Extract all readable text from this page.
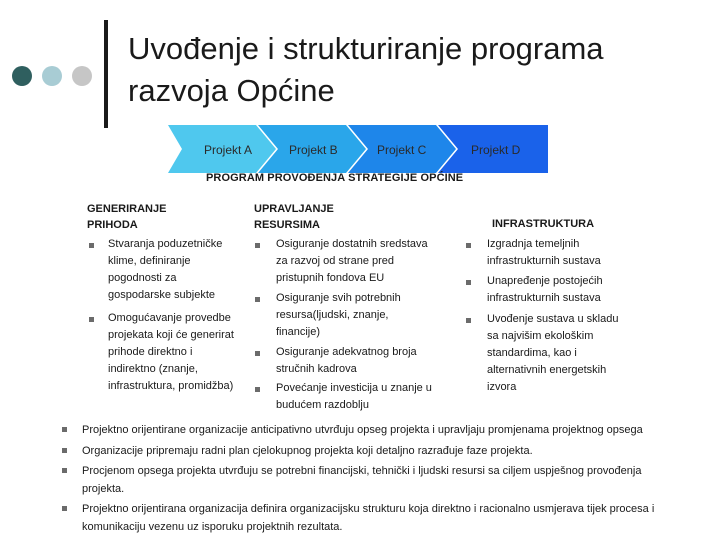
Uvođenje i strukturiranje programa
razvoja Općine
Projekt A	Projekt B	Projekt C	Projekt D
PROGRAM PROVOĐENJA STRATEGIJE OPĆINE
GENERIRANJE
PRIHODA
UPRAVLJANJE
RESURSIMA	INFRASTRUKTURA
Stvaranja poduzetničke
klime, definiranje
pogodnosti za
gospodarske subjekte
Omogućavanje provedbe
projekata koji će generirat
prihode direktno i
indirektno (znanje,
infrastruktura, promidžba)
Osiguranje dostatnih sredstava
za razvoj od strane pred
pristupnih fondova EU
Osiguranje svih potrebnih
resursa(ljudski, znanje,
financije)
Osiguranje adekvatnog broja
stručnih kadrova
Povećanje investicija u znanje u
budućem razdoblju
Izgradnja temeljnih
infrastrukturnih sustava
Unapređenje postojećih
infrastrukturnih sustava
Uvođenje sustava u skladu
sa najvišim ekološkim
standardima, kao i
alternativnih energetskih
izvora
Projektno orijentirane organizacije anticipativno utvrđuju opseg projekta i upravljaju promjenama projektnog opsega
Organizacije pripremaju radni plan cjelokupnog projekta koji detaljno razrađuje faze projekta.
Procjenom opsega projekta utvrđuju se potrebni financijski, tehnički i ljudski resursi sa ciljem uspješnog provođenja
projekta.
Projektno orijentirana organizacija definira organizacijsku strukturu koja direktno i racionalno usmjerava tijek procesa i
komunikaciju vezenu uz isporuku projektnih rezultata.
